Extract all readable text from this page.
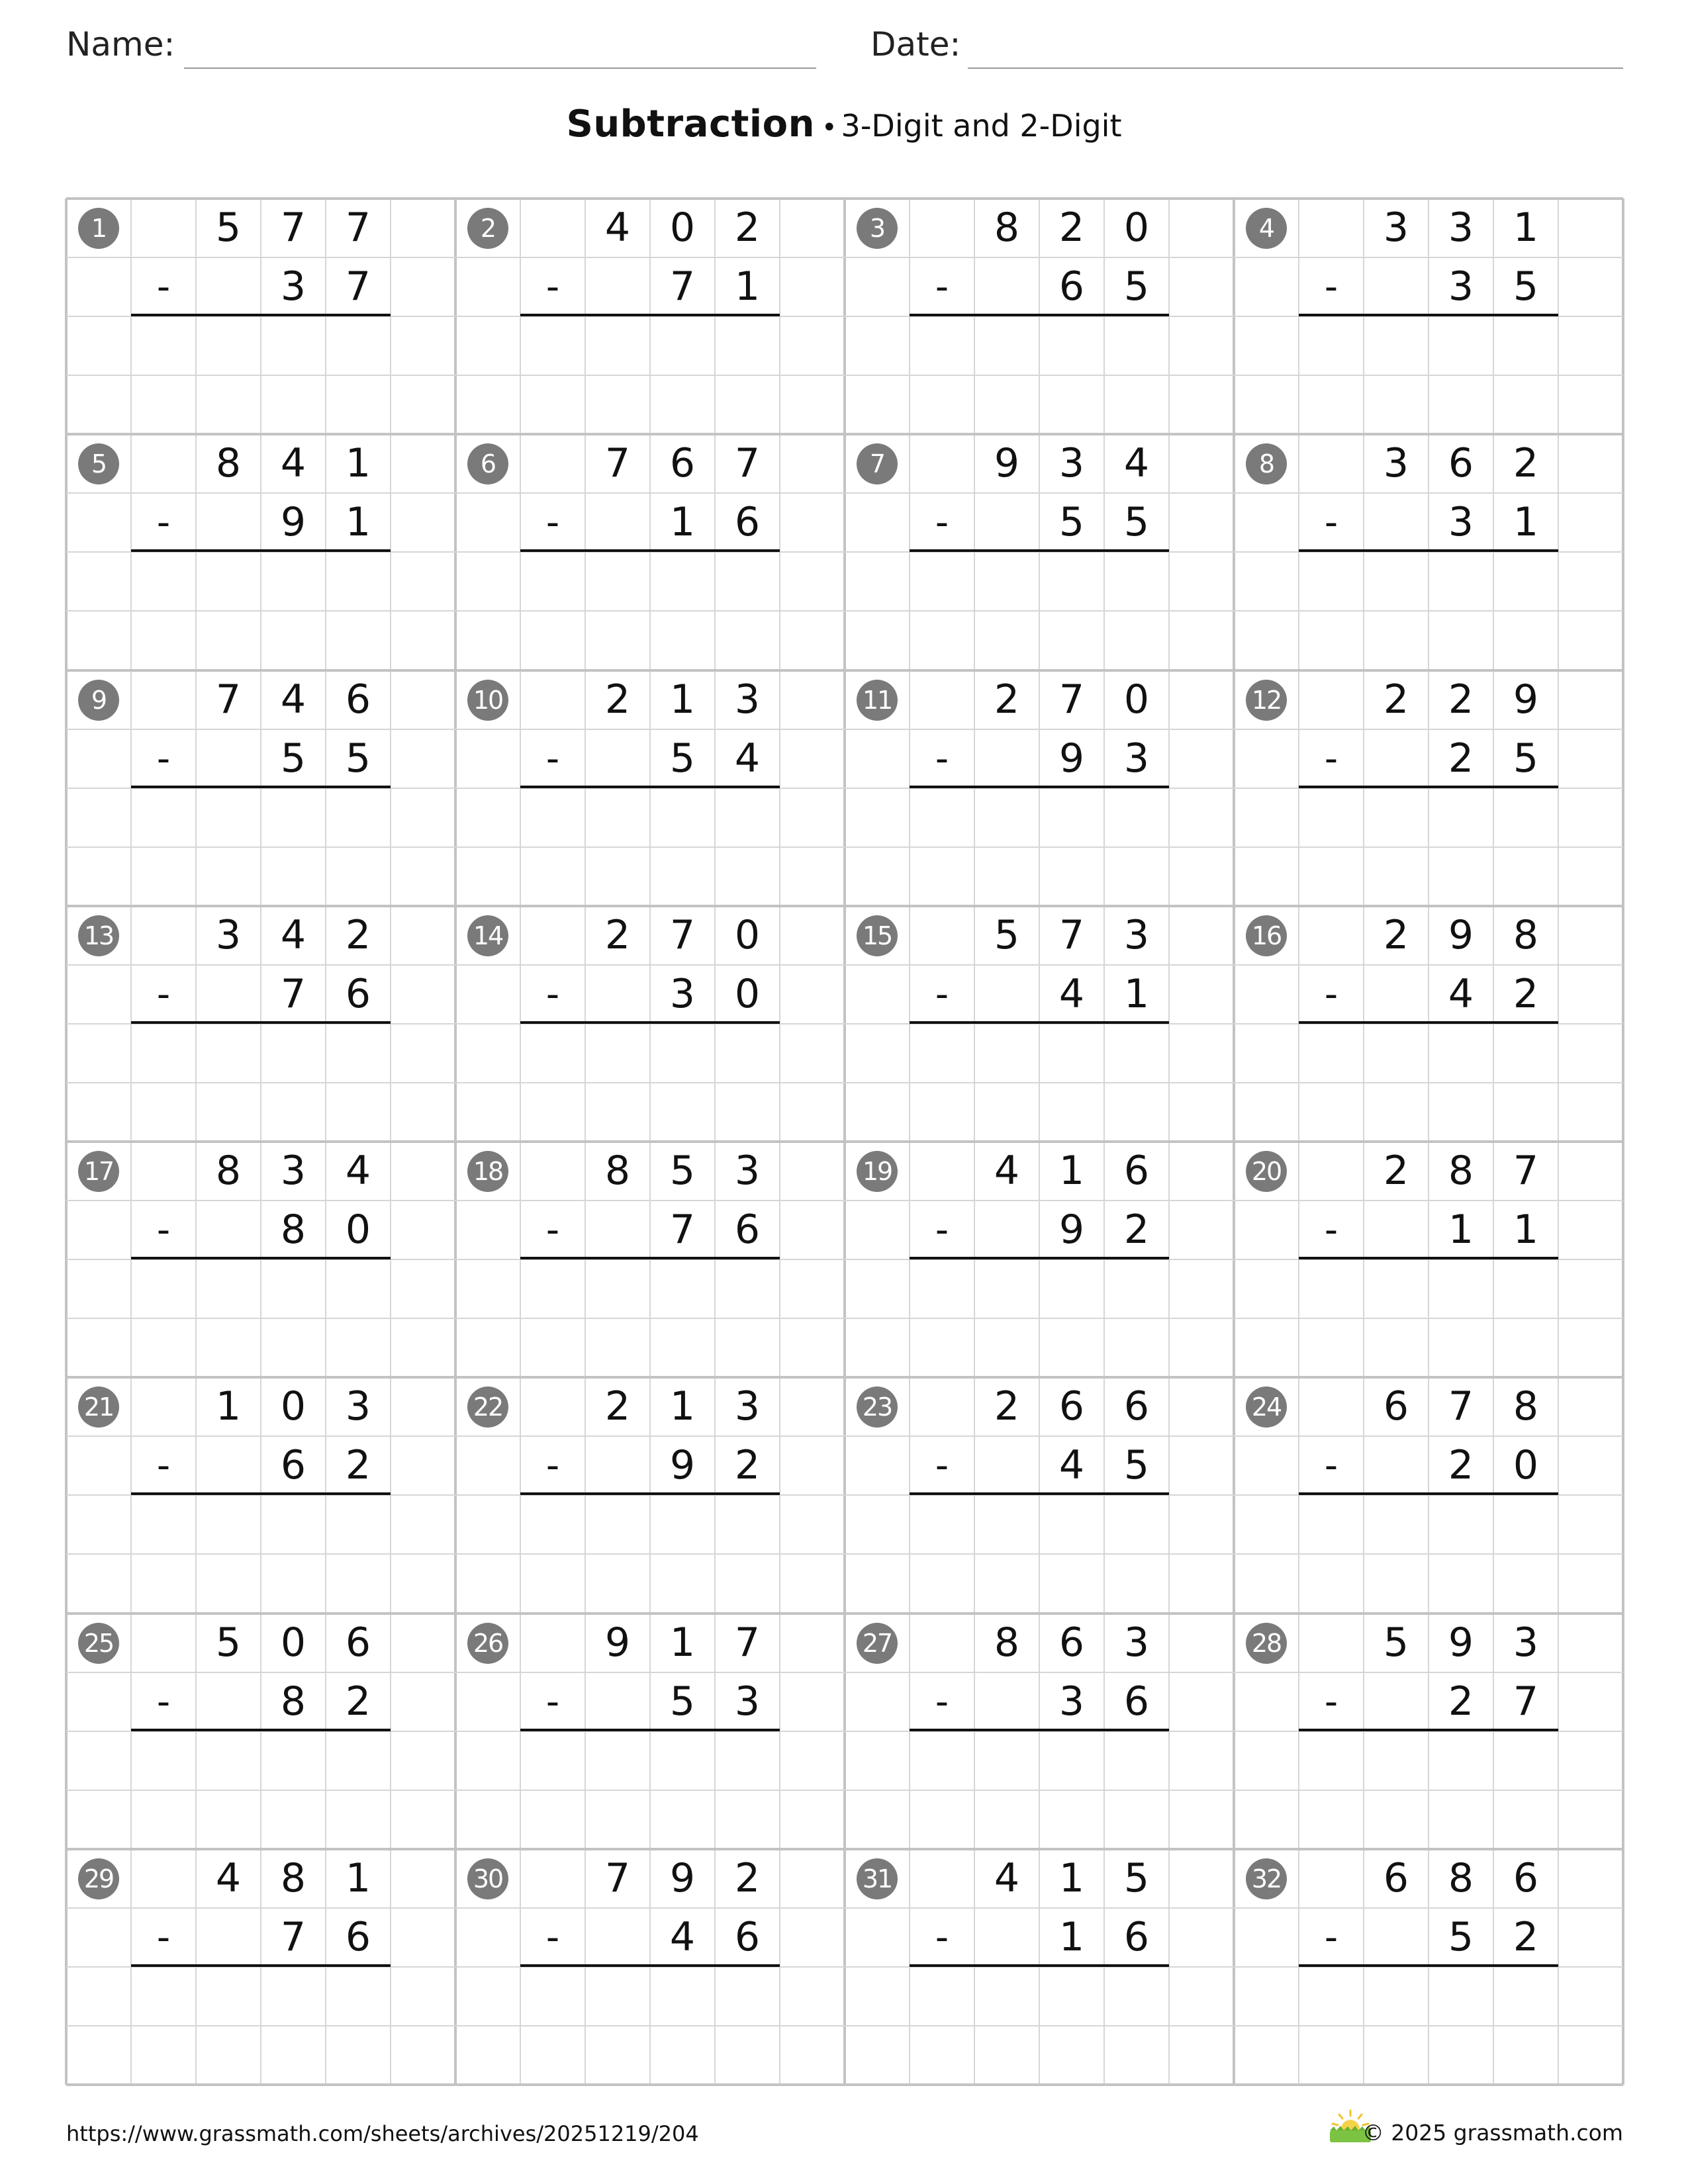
Name:	Date:
Subtraction • 3-Digit and 2-Digit
1	5 7 7
-	3 7
2	4 0 2
-	7 1
3	8 2 0
-	6 5
4	3 3 1
-	3 5
5	8 4 1
-	9 1
6	7 6 7
-	1 6
7	9 3 4
-	5 5
8	3 6 2
-	3 1
9	7 4 6
-	5 5
10	2 1 3
-	5 4
11	2 7 0
-	9 3
12	2 2 9
-	2 5
13	3 4 2
-	7 6
14	2 7 0
-	3 0
15	5 7 3
-	4 1
16	2 9 8
-	4 2
17	8 3 4
-	8 0
18	8 5 3
-	7 6
19	4 1 6
-	9 2
20	2 8 7
-	1 1
21	1 0 3
-	6 2
22	2 1 3
-	9 2
23	2 6 6
-	4 5
24	6 7 8
-	2 0
25	5 0 6
-	8 2
26	9 1 7
-	5 3
27	8 6 3
-	3 6
28	5 9 3
-	2 7
29	4 8 1
-	7 6
30	7 9 2
-	4 6
31	4 1 5
-	1 6
32	6 8 6
-	5 2
https://www.grassmath.com/sheets/archives/20251219/204	© 2025 grassmath.com
